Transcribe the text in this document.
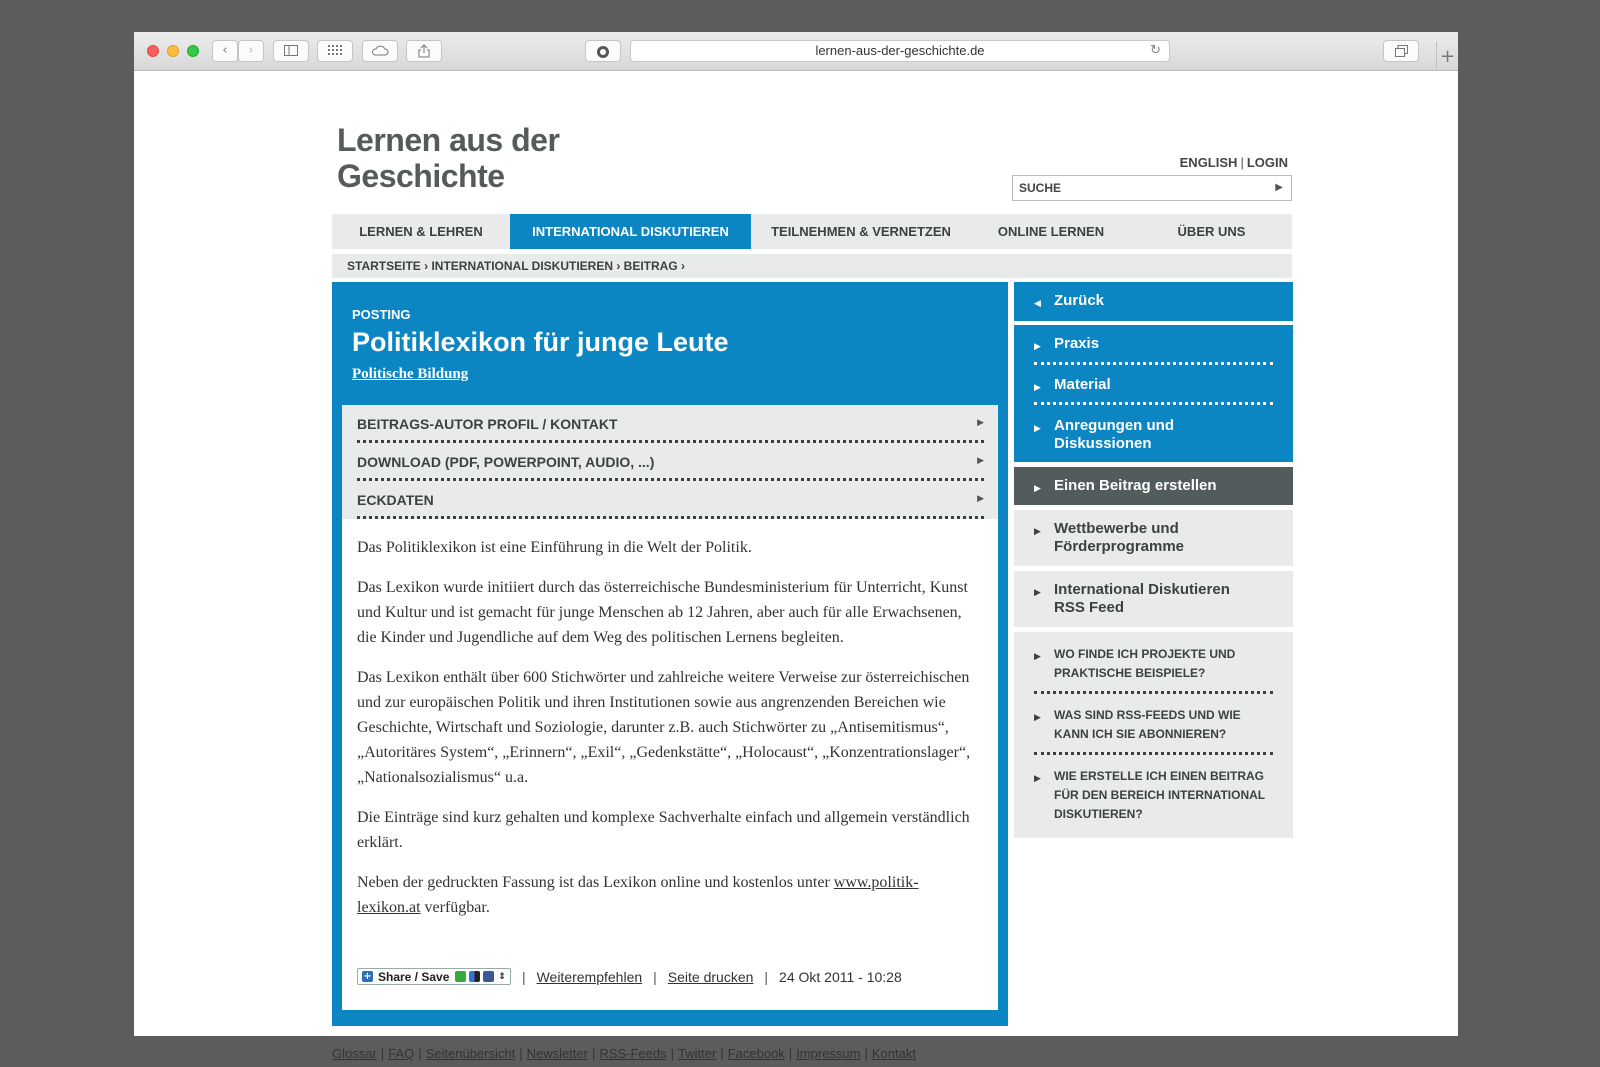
‹	›	lernen-aus-der-geschichte.de	↻	+
Lernen aus der
Geschichte	ENGLISH | LOGIN
SUCHE
▶
LERNEN & LEHREN	INTERNATIONAL DISKUTIEREN	TEILNEHMEN & VERNETZEN	ONLINE LERNEN	ÜBER UNS
STARTSEITE › INTERNATIONAL DISKUTIEREN › BEITRAG ›
POSTING
Politiklexikon für junge Leute
Politische Bildung
BEITRAGS-AUTOR PROFIL / KONTAKT	▶
DOWNLOAD (PDF, POWERPOINT, AUDIO, ...)	▶
ECKDATEN	▶

Das Politiklexikon ist eine Einführung in die Welt der Politik.

Das Lexikon wurde initiiert durch das österreichische Bundesministerium für Unterricht, Kunst und Kultur und ist gemacht für junge Menschen ab 12 Jahren, aber auch für alle Erwachsenen, die Kinder und Jugendliche auf dem Weg des politischen Lernens begleiten.

Das Lexikon enthält über 600 Stichwörter und zahlreiche weitere Verweise zur österreichischen und zur europäischen Politik und ihren Institutionen sowie aus angrenzenden Bereichen wie Geschichte, Wirtschaft und Soziologie, darunter z.B. auch Stichwörter zu „Antisemitismus“, „Autoritäres System“, „Erinnern“, „Exil“, „Gedenkstätte“, „Holocaust“, „Konzentrationslager“, „Nationalsozialismus“ u.a.

Die Einträge sind kurz gehalten und komplexe Sachverhalte einfach und allgemein verständlich erklärt.

Neben der gedruckten Fassung ist das Lexikon online und kostenlos unter www.politik-lexikon.at verfügbar.

+ Share / Save	⇕ | Weiterempfehlen | Seite drucken | 24 Okt 2011 - 10:28
◀ Zurück
▶ Praxis
▶ Material
▶ Anregungen und Diskussionen
▶ Einen Beitrag erstellen
▶ Wettbewerbe und Förderprogramme
▶ International Diskutieren RSS Feed
▶ WO FINDE ICH PROJEKTE UND PRAKTISCHE BEISPIELE?
▶ WAS SIND RSS-FEEDS UND WIE KANN ICH SIE ABONNIEREN?
▶ WIE ERSTELLE ICH EINEN BEITRAG FÜR DEN BEREICH INTERNATIONAL DISKUTIEREN?
Glossar | FAQ | Seitenübersicht | Newsletter | RSS-Feeds | Twitter | Facebook | Impressum | Kontakt
